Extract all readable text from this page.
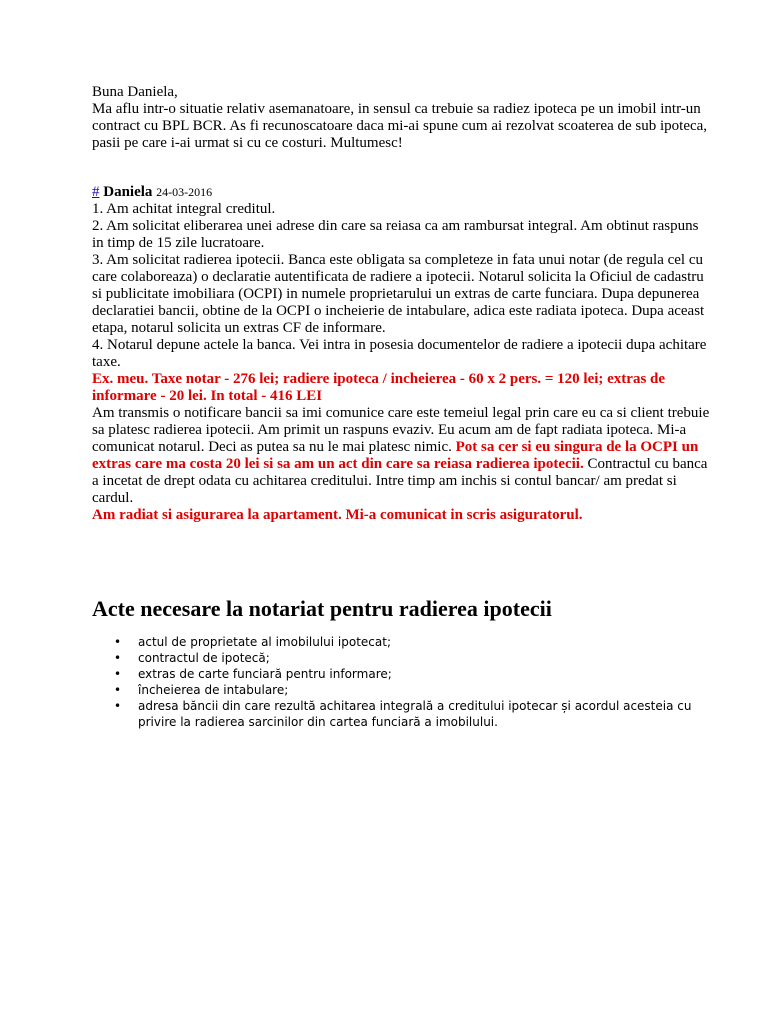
Buna Daniela,

Ma aflu intr-o situatie relativ asemanatoare, in sensul ca trebuie sa radiez ipoteca pe un imobil intr-un contract cu BPL BCR. As fi recunoscatoare daca mi-ai spune cum ai rezolvat scoaterea de sub ipoteca, pasii pe care i-ai urmat si cu ce costuri. Multumesc!

# Daniela 24-03-2016

1. Am achitat integral creditul.

2. Am solicitat eliberarea unei adrese din care sa reiasa ca am rambursat integral. Am obtinut raspuns in timp de 15 zile lucratoare.

3. Am solicitat radierea ipotecii. Banca este obligata sa completeze in fata unui notar (de regula cel cu care colaboreaza) o declaratie autentificata de radiere a ipotecii. Notarul solicita la Oficiul de cadastru si publicitate imobiliara (OCPI) in numele proprietarului un extras de carte funciara. Dupa depunerea declaratiei bancii, obtine de la OCPI o incheierie de intabulare, adica este radiata ipoteca. Dupa aceast etapa, notarul solicita un extras CF de informare.

4. Notarul depune actele la banca. Vei intra in posesia documentelor de radiere a ipotecii dupa achitare taxe.

Ex. meu. Taxe notar - 276 lei; radiere ipoteca / incheierea - 60 x 2 pers. = 120 lei; extras de informare - 20 lei. In total - 416 LEI

Am transmis o notificare bancii sa imi comunice care este temeiul legal prin care eu ca si client trebuie sa platesc radierea ipotecii. Am primit un raspuns evaziv. Eu acum am de fapt radiata ipoteca. Mi-a comunicat notarul. Deci as putea sa nu le mai platesc nimic. Pot sa cer si eu singura de la OCPI un extras care ma costa 20 lei si sa am un act din care sa reiasa radierea ipotecii. Contractul cu banca a incetat de drept odata cu achitarea creditului. Intre timp am inchis si contul bancar/ am predat si cardul.

Am radiat si asigurarea la apartament. Mi-a comunicat in scris asiguratorul.

Acte necesare la notariat pentru radierea ipotecii
• actul de proprietate al imobilului ipotecat;
• contractul de ipotecă;
• extras de carte funciară pentru informare;
• încheierea de intabulare;
• adresa băncii din care rezultă achitarea integrală a creditului ipotecar și acordul acesteia cu privire la radierea sarcinilor din cartea funciară a imobilului.
